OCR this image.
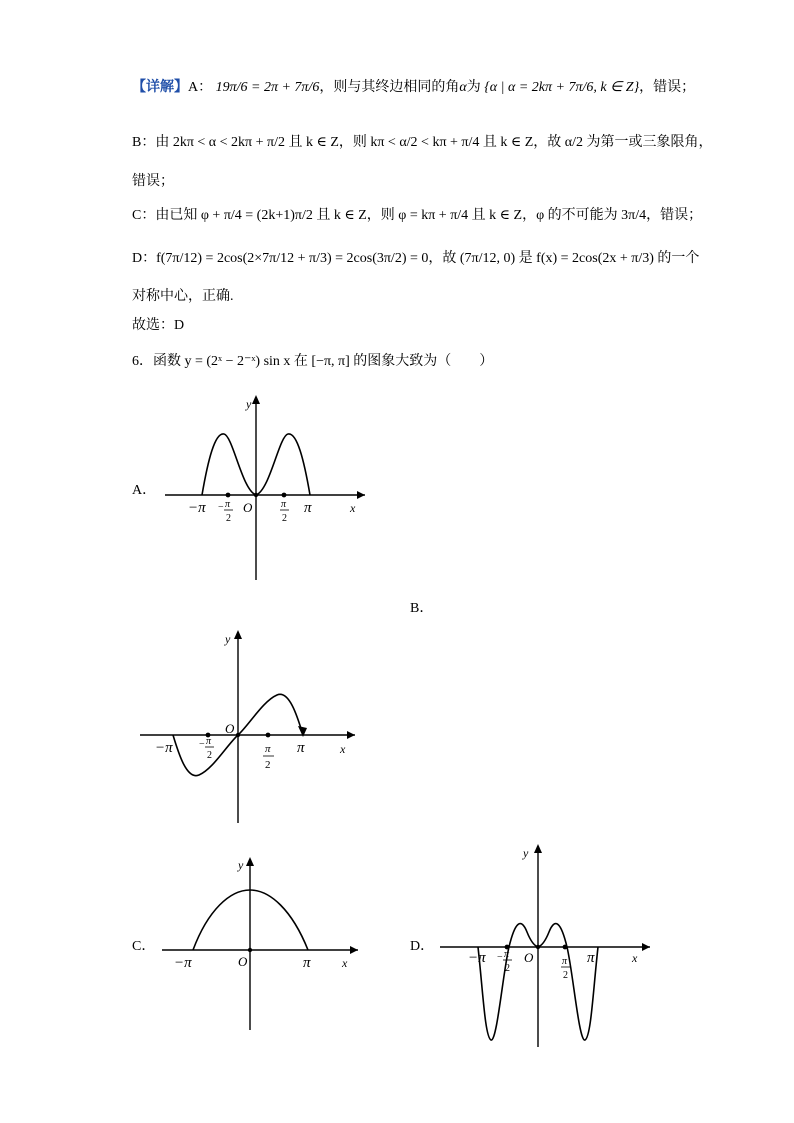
【详解】A： 19π/6 = 2π + 7π/6，则与其终边相同的角α为 {α | α = 2kπ + 7π/6, k ∈ Z}，错误；
B：由 2kπ < α < 2kπ + π/2 且 k ∈ Z，则 kπ < α/2 < kπ + π/4 且 k ∈ Z，故 α/2 为第一或三象限角，
错误；
C：由已知 φ + π/4 = (2k+1)π/2 且 k ∈ Z，则 φ = kπ + π/4 且 k ∈ Z，φ 的不可能为 3π/4，错误；
D：f(7π/12) = 2cos(2×7π/12 + π/3) = 2cos(3π/2) = 0，故 (7π/12, 0) 是 f(x) = 2cos(2x + π/3) 的一个
对称中心，正确.
故选：D
6．函数 y = (2ˣ − 2⁻ˣ) sin x 在 [−π, π] 的图象大致为（　　）
A．
B．
C．	D．
y
x
O
−π	π
− π
2
π
2
y
x
O
−π	π
− π
2
π
2
y
x
O
−π	π
y
x
O
−π	π
− π
2
π
2
